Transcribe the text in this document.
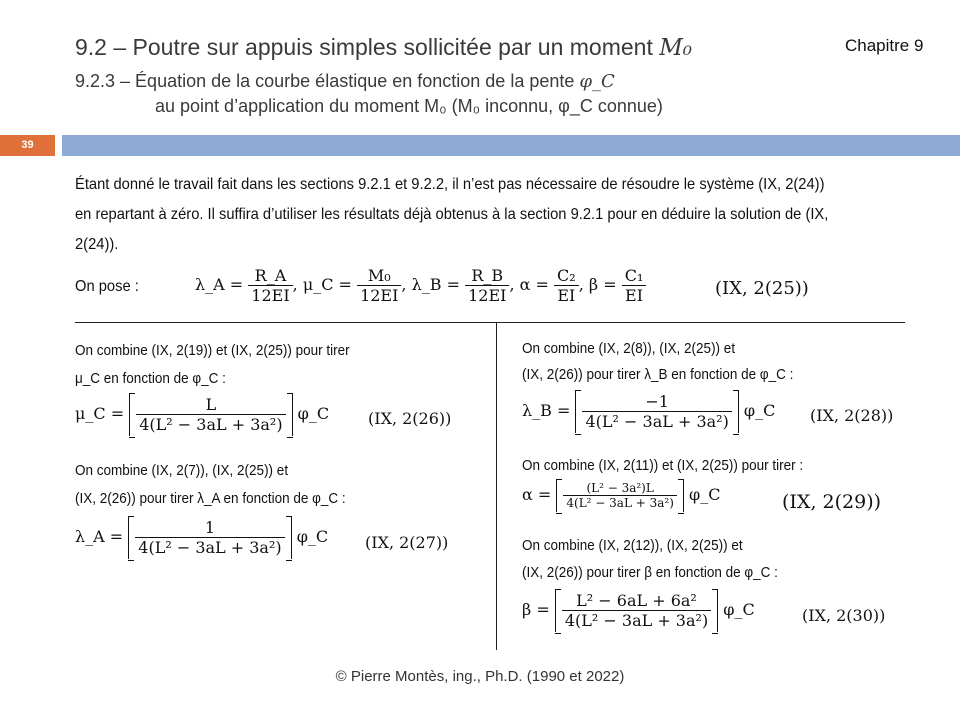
9.2 – Poutre sur appuis simples sollicitée par un moment M₀
9.2.3 – Équation de la courbe élastique en fonction de la pente φ_C
au point d’application du moment M₀ (M₀ inconnu, φ_C connue)
Chapitre 9
39
Étant donné le travail fait dans les sections 9.2.1 et 9.2.2, il n’est pas nécessaire de résoudre le système (IX, 2(24)) en repartant à zéro. Il suffira d’utiliser les résultats déjà obtenus à la section 9.2.1 pour en déduire la solution de (IX, 2(24)).
On pose :	λ_A = $\frac{R\_A}{12EI}$ , μ_C = $\frac{\text{M₀}}{12EI}$ , λ_B = $\frac{R\_B}{12EI}$ , $\alpha = \frac{\text{C₂}}{EI}$ , $\beta = \frac{\text{C₁}}{EI}$	(IX, 2(25))
On combine (IX, 2(19)) et (IX, 2(25)) pour tirer
μ_C en fonction de φ_C :
μ_C = $\frac{L}{\text{4(L² − 3aL + 3a²)}}$ φ_C (IX, 2(26))
On combine (IX, 2(7)), (IX, 2(25)) et
(IX, 2(26)) pour tirer λ_A en fonction de φ_C :
λ_A = $\frac{1}{\text{4(L² − 3aL + 3a²)}}$ φ_C (IX, 2(27))
On combine (IX, 2(8)), (IX, 2(25)) et
(IX, 2(26)) pour tirer λ_B en fonction de φ_C :
λ_B = $\frac{-1}{\text{4(L² − 3aL + 3a²)}}$ φ_C (IX, 2(28))
On combine (IX, 2(11)) et (IX, 2(25)) pour tirer :
$\alpha = \frac{\text{(L² − 3a²)L}}{\text{4(L² − 3aL + 3a²)}}$ φ_C	(IX, 2(29))
On combine (IX, 2(12)), (IX, 2(25)) et
(IX, 2(26)) pour tirer β en fonction de φ_C :
$\beta = \frac{\text{L² − 6aL + 6a²}}{\text{4(L² − 3aL + 3a²)}}$ φ_C	(IX, 2(30))
© Pierre Montès, ing., Ph.D. (1990 et 2022)
